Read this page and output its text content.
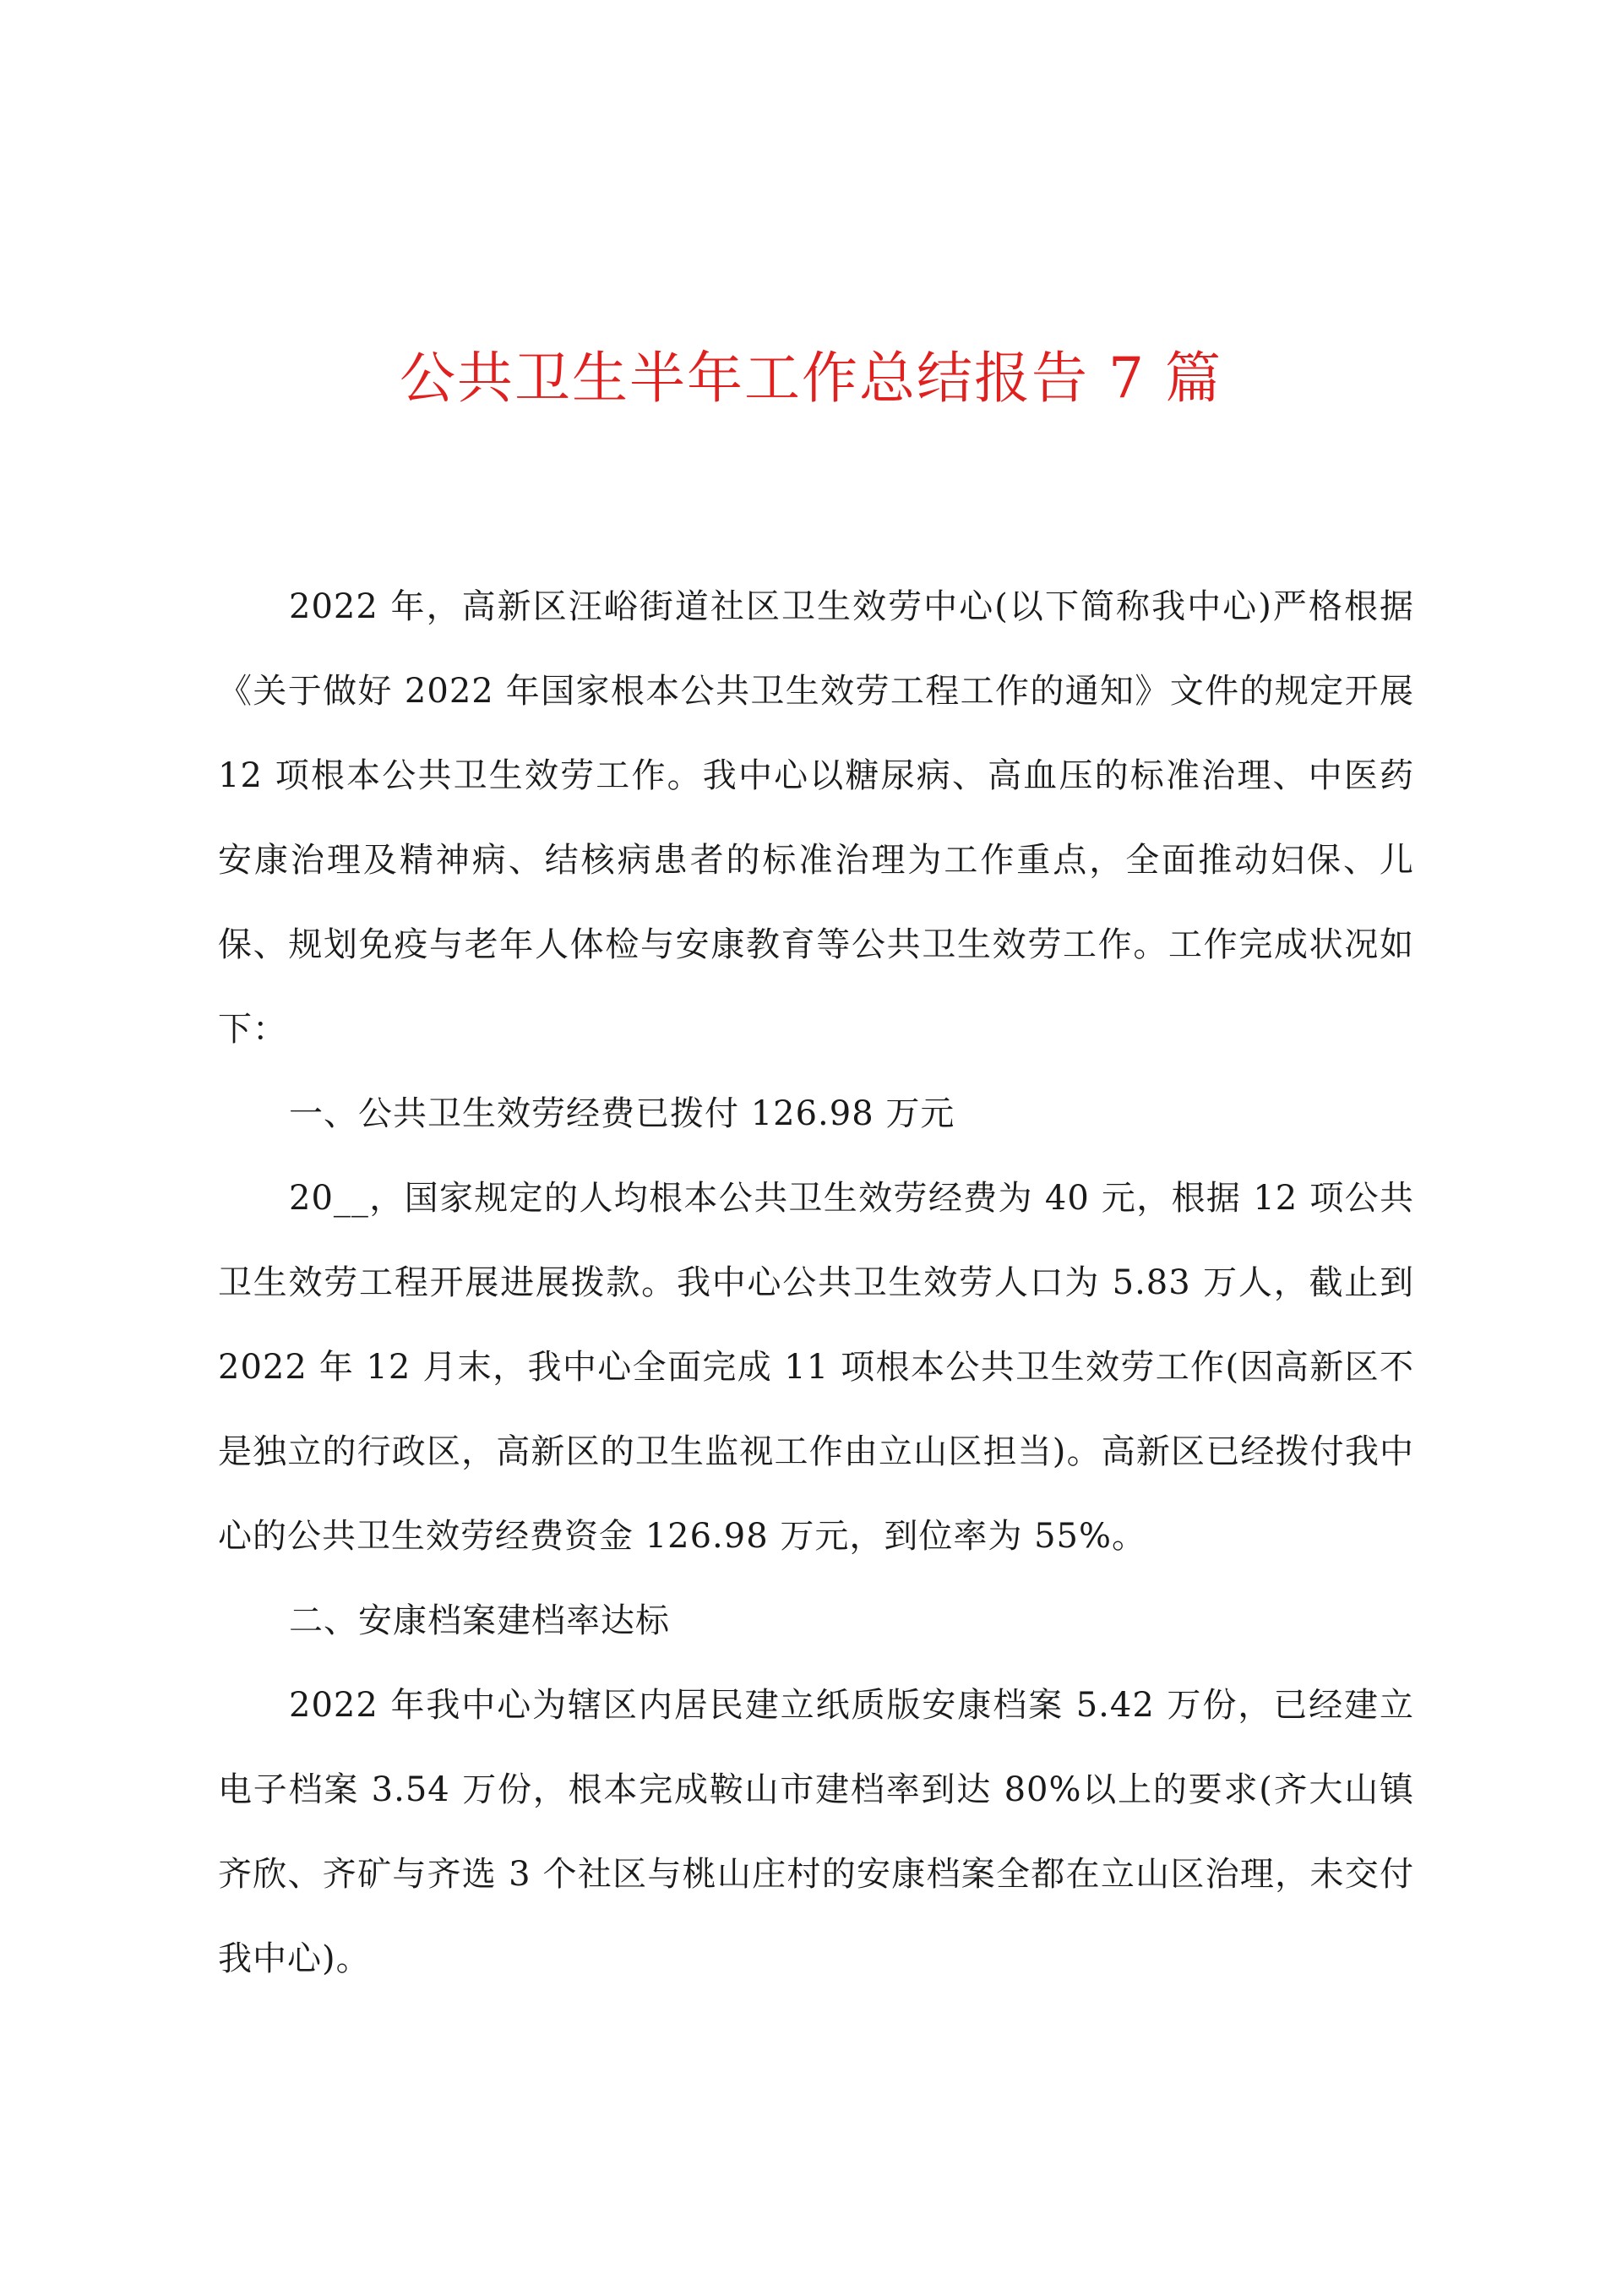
公共卫生半年工作总结报告 7 篇

2022 年，高新区汪峪街道社区卫生效劳中心(以下简称我中心)严格根据《关于做好 2022 年国家根本公共卫生效劳工程工作的通知》文件的规定开展 12 项根本公共卫生效劳工作。我中心以糖尿病、高血压的标准治理、中医药安康治理及精神病、结核病患者的标准治理为工作重点，全面推动妇保、儿保、规划免疫与老年人体检与安康教育等公共卫生效劳工作。工作完成状况如下：

一、公共卫生效劳经费已拨付 126.98 万元

20__，国家规定的人均根本公共卫生效劳经费为 40 元，根据 12 项公共卫生效劳工程开展进展拨款。我中心公共卫生效劳人口为 5.83 万人，截止到 2022 年 12 月末，我中心全面完成 11 项根本公共卫生效劳工作(因高新区不是独立的行政区，高新区的卫生监视工作由立山区担当)。高新区已经拨付我中心的公共卫生效劳经费资金 126.98 万元，到位率为 55%。

二、安康档案建档率达标

2022 年我中心为辖区内居民建立纸质版安康档案 5.42 万份，已经建立电子档案 3.54 万份，根本完成鞍山市建档率到达 80%以上的要求(齐大山镇齐欣、齐矿与齐选 3 个社区与桃山庄村的安康档案全都在立山区治理，未交付我中心)。
